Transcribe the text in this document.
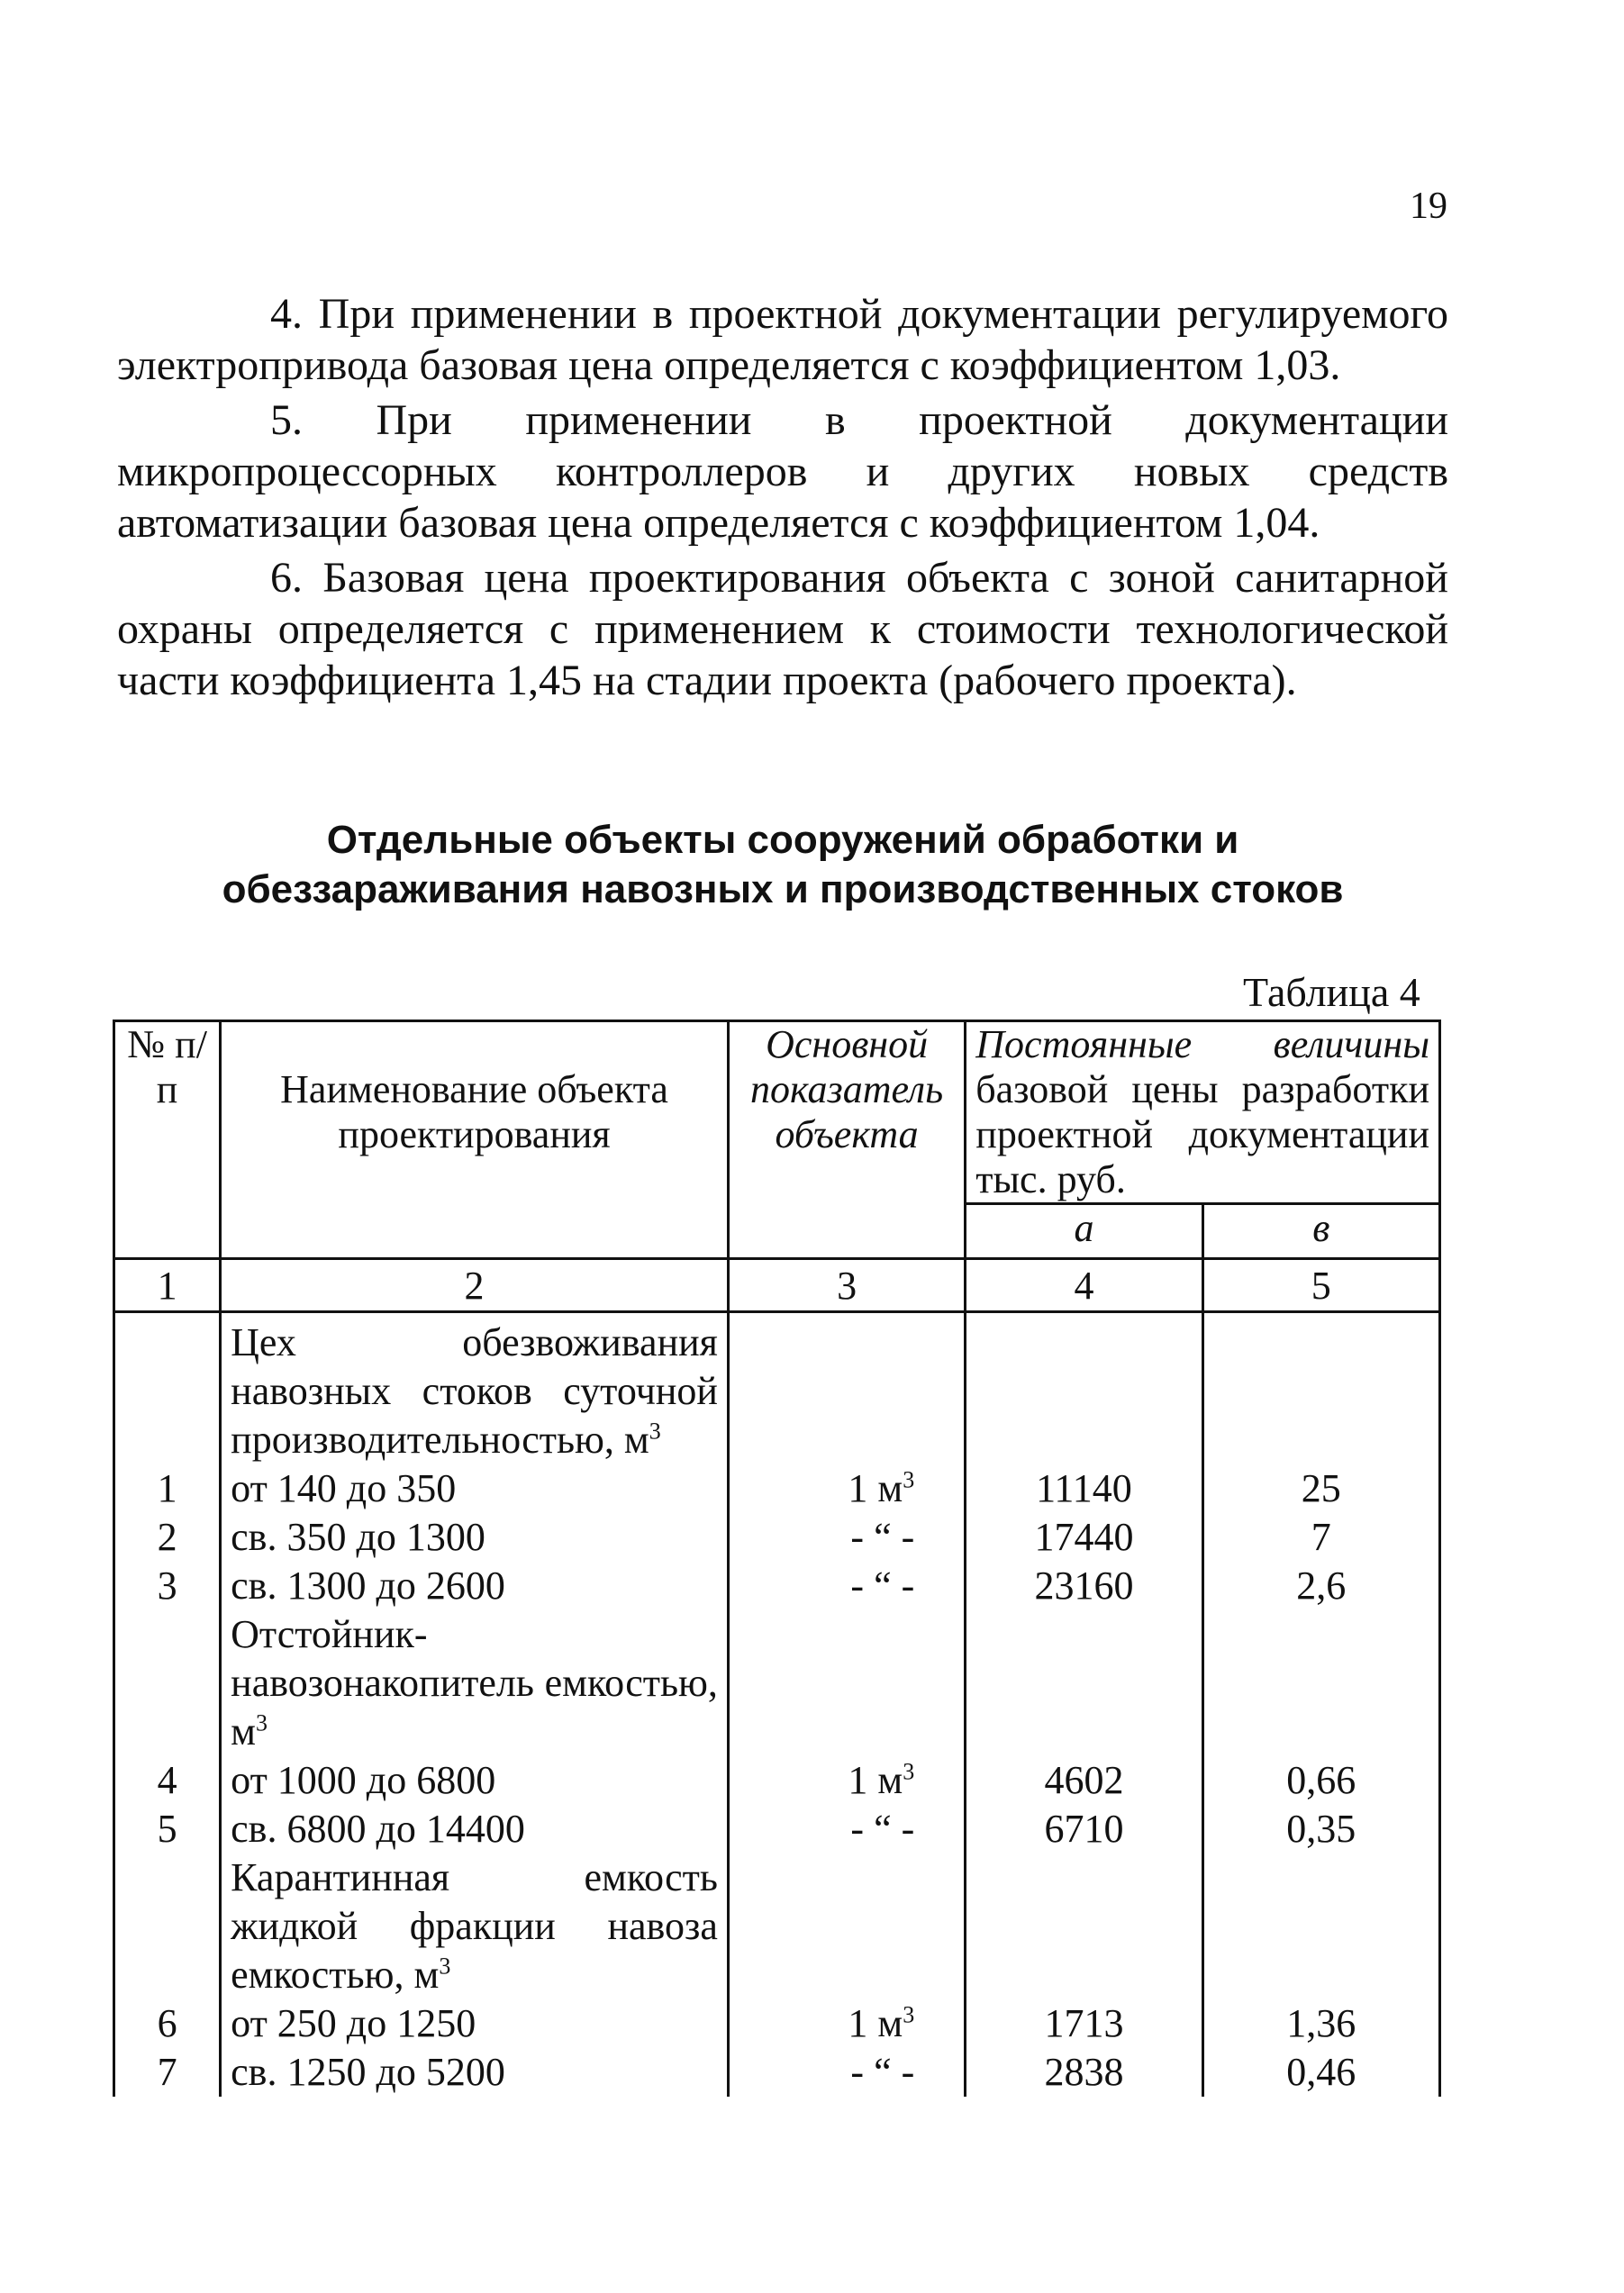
19

4. При применении в проектной документации регулируемого электропривода базовая цена определяется с коэффициентом 1,03.

5. При применении в проектной документации микропроцессорных контроллеров и других новых средств автоматизации базовая цена определяется с коэффициентом 1,04.

6. Базовая цена проектирования объекта с зоной санитарной охраны определяется с применением к стоимости технологической части коэффициента 1,45 на стадии проекта (рабочего проекта).

Отдельные объекты сооружений обработки и
обеззараживания навозных и производственных стоков
Таблица 4
№ п/п	Наименование объекта проектирования	Основной показатель объекта	Постоянные величины базовой цены разработки проектной документации тыс. руб.	
			а	в
1	2	3	4	5
	Цех обезвоживания навозных стоков суточной производительностью, $м^3$			
1	от 140 до 350	1 $м^3$	11140	25
2	св. 350 до 1300	- “ -	17440	7
3	св. 1300 до 2600	- “ -	23160	2,6
	Отстойник-навозонакопитель емкостью, $м^3$			
4	от 1000 до 6800	1 $м^3$	4602	0,66
5	св. 6800 до 14400	- “ -	6710	0,35
	Карантинная емкость жидкой фракции навоза емкостью, $м^3$			
6	от 250 до 1250	1 $м^3$	1713	1,36
7	св. 1250 до 5200	- “ -	2838	0,46
